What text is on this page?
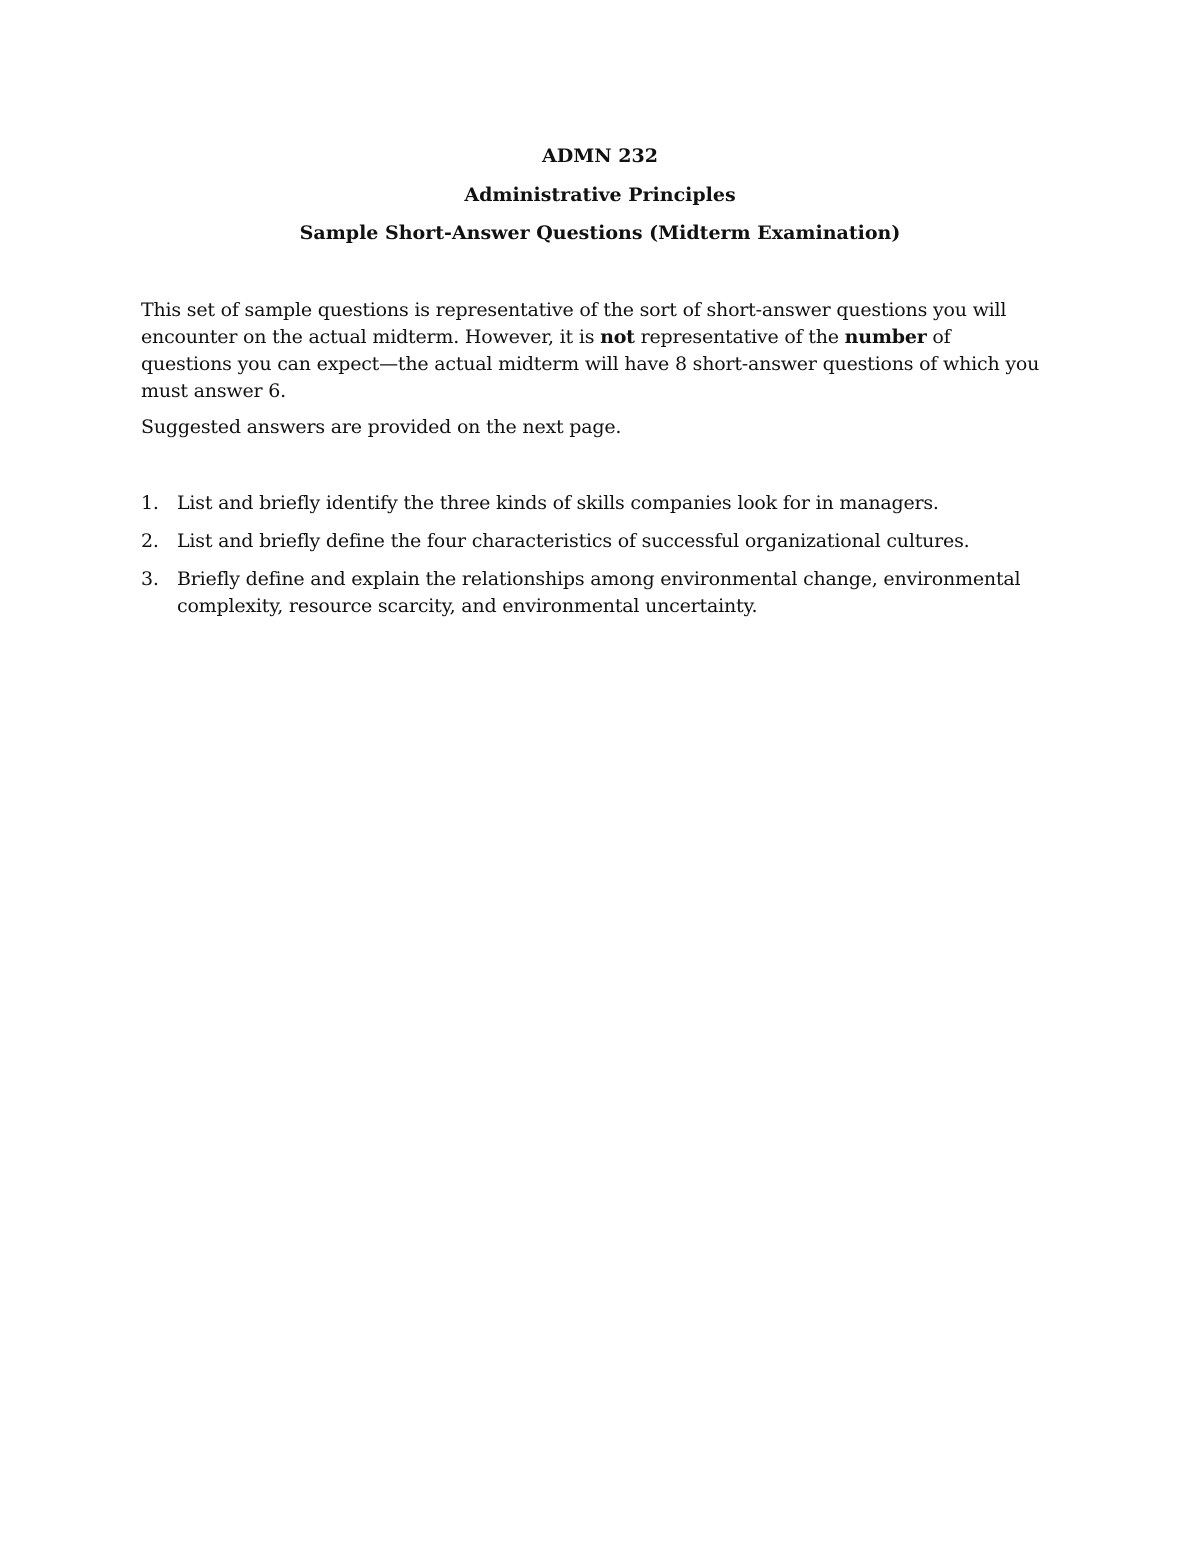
ADMN 232
Administrative Principles
Sample Short-Answer Questions (Midterm Examination)

This set of sample questions is representative of the sort of short-answer questions you will encounter on the actual midterm. However, it is not representative of the number of questions you can expect—the actual midterm will have 8 short-answer questions of which you must answer 6.

Suggested answers are provided on the next page.

1. List and briefly identify the three kinds of skills companies look for in managers.
2. List and briefly define the four characteristics of successful organizational cultures.
3. Briefly define and explain the relationships among environmental change, environmental complexity, resource scarcity, and environmental uncertainty.
